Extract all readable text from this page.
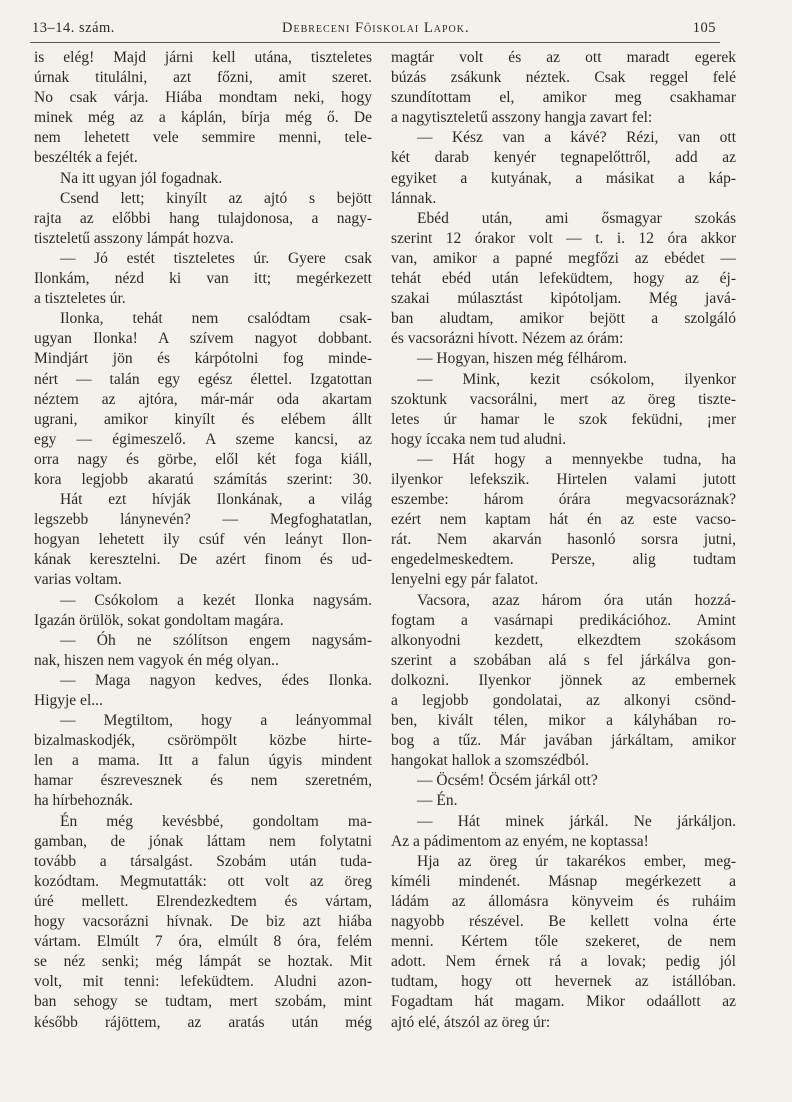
13–14. szám.	Debreceni Főiskolai Lapok.	105
is elég! Majd járni kell utána, tiszteletes
úrnak titulálni, azt főzni, amit szeret.
No csak várja. Hiába mondtam neki, hogy
minek még az a káplán, bírja még ő. De
nem lehetett vele semmire menni, tele-
beszélték a fejét.
Na itt ugyan jól fogadnak.
Csend lett; kinyílt az ajtó s bejött
rajta az előbbi hang tulajdonosa, a nagy-
tiszteletű asszony lámpát hozva.
— Jó estét tiszteletes úr. Gyere csak
Ilonkám, nézd ki van itt; megérkezett
a tiszteletes úr.
Ilonka, tehát nem csalódtam csak-
ugyan Ilonka! A szívem nagyot dobbant.
Mindjárt jön és kárpótolni fog minde-
nért — talán egy egész élettel. Izgatottan
néztem az ajtóra, már-már oda akartam
ugrani, amikor kinyílt és elébem állt
egy — égimeszelő. A szeme kancsi, az
orra nagy és görbe, elől két foga kiáll,
kora legjobb akaratú számítás szerint: 30.
Hát ezt hívják Ilonkának, a világ
legszebb lánynevén? — Megfoghatatlan,
hogyan lehetett ily csúf vén leányt Ilon-
kának keresztelni. De azért finom és ud-
varias voltam.
— Csókolom a kezét Ilonka nagysám.
Igazán örülök, sokat gondoltam magára.
— Óh ne szólítson engem nagysám-
nak, hiszen nem vagyok én még olyan..
— Maga nagyon kedves, édes Ilonka.
Higyje el...
— Megtiltom, hogy a leányommal
bizalmaskodjék, csörömpölt közbe hirte-
len a mama. Itt a falun úgyis mindent
hamar észrevesznek és nem szeretném,
ha hírbehoznák.
Én még kevésbbé, gondoltam ma-
gamban, de jónak láttam nem folytatni
tovább a társalgást. Szobám után tuda-
kozódtam. Megmutatták: ott volt az öreg
úré mellett. Elrendezkedtem és vártam,
hogy vacsorázni hívnak. De biz azt hiába
vártam. Elmúlt 7 óra, elmúlt 8 óra, felém
se néz senki; még lámpát se hoztak. Mit
volt, mit tenni: lefeküdtem. Aludni azon-
ban sehogy se tudtam, mert szobám, mint
később rájöttem, az aratás után még
magtár volt és az ott maradt egerek
búzás zsákunk néztek. Csak reggel felé
szundítottam el, amikor meg csakhamar
a nagytiszteletű asszony hangja zavart fel:
— Kész van a kávé? Rézi, van ott
két darab kenyér tegnapelőttről, add az
egyiket a kutyának, a másikat a káp-
lánnak.
Ebéd után, ami ősmagyar szokás
szerint 12 órakor volt — t. i. 12 óra akkor
van, amikor a papné megfőzi az ebédet —
tehát ebéd után lefeküdtem, hogy az éj-
szakai múlasztást kipótoljam. Még javá-
ban aludtam, amikor bejött a szolgáló
és vacsorázni hívott. Nézem az órám:
— Hogyan, hiszen még félhárom.
— Mink, kezit csókolom, ilyenkor
szoktunk vacsorálni, mert az öreg tiszte-
letes úr hamar le szok feküdni, ¡mer
hogy íccaka nem tud aludni.
— Hát hogy a mennyekbe tudna, ha
ilyenkor lefekszik. Hirtelen valami jutott
eszembe: három órára megvacsoráznak?
ezért nem kaptam hát én az este vacso-
rát. Nem akarván hasonló sorsra jutni,
engedelmeskedtem. Persze, alig tudtam
lenyelni egy pár falatot.
Vacsora, azaz három óra után hozzá-
fogtam a vasárnapi predikációhoz. Amint
alkonyodni kezdett, elkezdtem szokásom
szerint a szobában alá s fel járkálva gon-
dolkozni. Ilyenkor jönnek az embernek
a legjobb gondolatai, az alkonyi csönd-
ben, kivált télen, mikor a kályhában ro-
bog a tűz. Már javában járkáltam, amikor
hangokat hallok a szomszédból.
— Öcsém! Öcsém járkál ott?
— Én.
— Hát minek járkál. Ne járkáljon.
Az a pádimentom az enyém, ne koptassa!
Hja az öreg úr takarékos ember, meg-
kíméli mindenét. Másnap megérkezett a
ládám az állomásra könyveim és ruháim
nagyobb részével. Be kellett volna érte
menni. Kértem tőle szekeret, de nem
adott. Nem érnek rá a lovak; pedig jól
tudtam, hogy ott hevernek az istállóban.
Fogadtam hát magam. Mikor odaállott az
ajtó elé, átszól az öreg úr:
